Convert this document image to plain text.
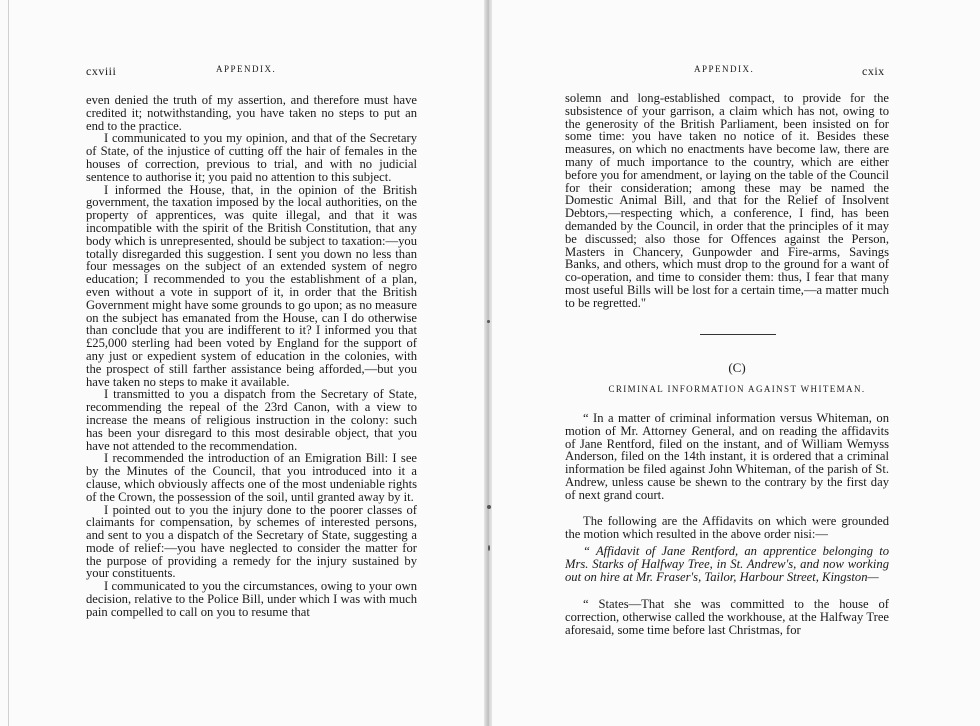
cxviii	APPENDIX.

even denied the truth of my assertion, and therefore must have credited it; notwithstanding, you have taken no steps to put an end to the practice.

I communicated to you my opinion, and that of the Secretary of State, of the injustice of cutting off the hair of females in the houses of correction, previous to trial, and with no judicial sentence to authorise it; you paid no attention to this subject.

I informed the House, that, in the opinion of the British government, the taxation imposed by the local authorities, on the property of apprentices, was quite illegal, and that it was incompatible with the spirit of the British Constitution, that any body which is unrepresented, should be subject to taxation:—you totally disregarded this suggestion. I sent you down no less than four messages on the subject of an extended system of negro education; I recommended to you the establishment of a plan, even without a vote in support of it, in order that the British Government might have some grounds to go upon; as no measure on the subject has emanated from the House, can I do otherwise than conclude that you are indifferent to it? I informed you that £25,000 sterling had been voted by England for the support of any just or expedient system of education in the colonies, with the prospect of still farther assistance being afforded,—but you have taken no steps to make it available.

I transmitted to you a dispatch from the Secretary of State, recommending the repeal of the 23rd Canon, with a view to increase the means of religious instruction in the colony: such has been your disregard to this most desirable object, that you have not attended to the recommendation.

I recommended the introduction of an Emigration Bill: I see by the Minutes of the Council, that you introduced into it a clause, which obviously affects one of the most undeniable rights of the Crown, the possession of the soil, until granted away by it.

I pointed out to you the injury done to the poorer classes of claimants for compensation, by schemes of interested persons, and sent to you a dispatch of the Secretary of State, suggesting a mode of relief:—you have neglected to consider the matter for the purpose of providing a remedy for the injury sustained by your constituents.

I communicated to you the circumstances, owing to your own decision, relative to the Police Bill, under which I was with much pain compelled to call on you to resume that

APPENDIX.	cxix

solemn and long-established compact, to provide for the subsistence of your garrison, a claim which has not, owing to the generosity of the British Parliament, been insisted on for some time: you have taken no notice of it. Besides these measures, on which no enactments have become law, there are many of much importance to the country, which are either before you for amendment, or laying on the table of the Council for their consideration; among these may be named the Domestic Animal Bill, and that for the Relief of Insolvent Debtors,—respecting which, a conference, I find, has been demanded by the Council, in order that the principles of it may be discussed; also those for Offences against the Person, Masters in Chancery, Gunpowder and Fire-arms, Savings Banks, and others, which must drop to the ground for a want of co-operation, and time to consider them: thus, I fear that many most useful Bills will be lost for a certain time,—a matter much to be regretted."

(C)
CRIMINAL INFORMATION AGAINST WHITEMAN.

“ In a matter of criminal information versus Whiteman, on motion of Mr. Attorney General, and on reading the affidavits of Jane Rentford, filed on the instant, and of William Wemyss Anderson, filed on the 14th instant, it is ordered that a criminal information be filed against John Whiteman, of the parish of St. Andrew, unless cause be shewn to the contrary by the first day of next grand court.

The following are the Affidavits on which were grounded the motion which resulted in the above order nisi:—

“ Affidavit of Jane Rentford, an apprentice belonging to Mrs. Starks of Halfway Tree, in St. Andrew's, and now working out on hire at Mr. Fraser's, Tailor, Harbour Street, Kingston—

“ States—That she was committed to the house of correction, otherwise called the workhouse, at the Halfway Tree aforesaid, some time before last Christmas, for
